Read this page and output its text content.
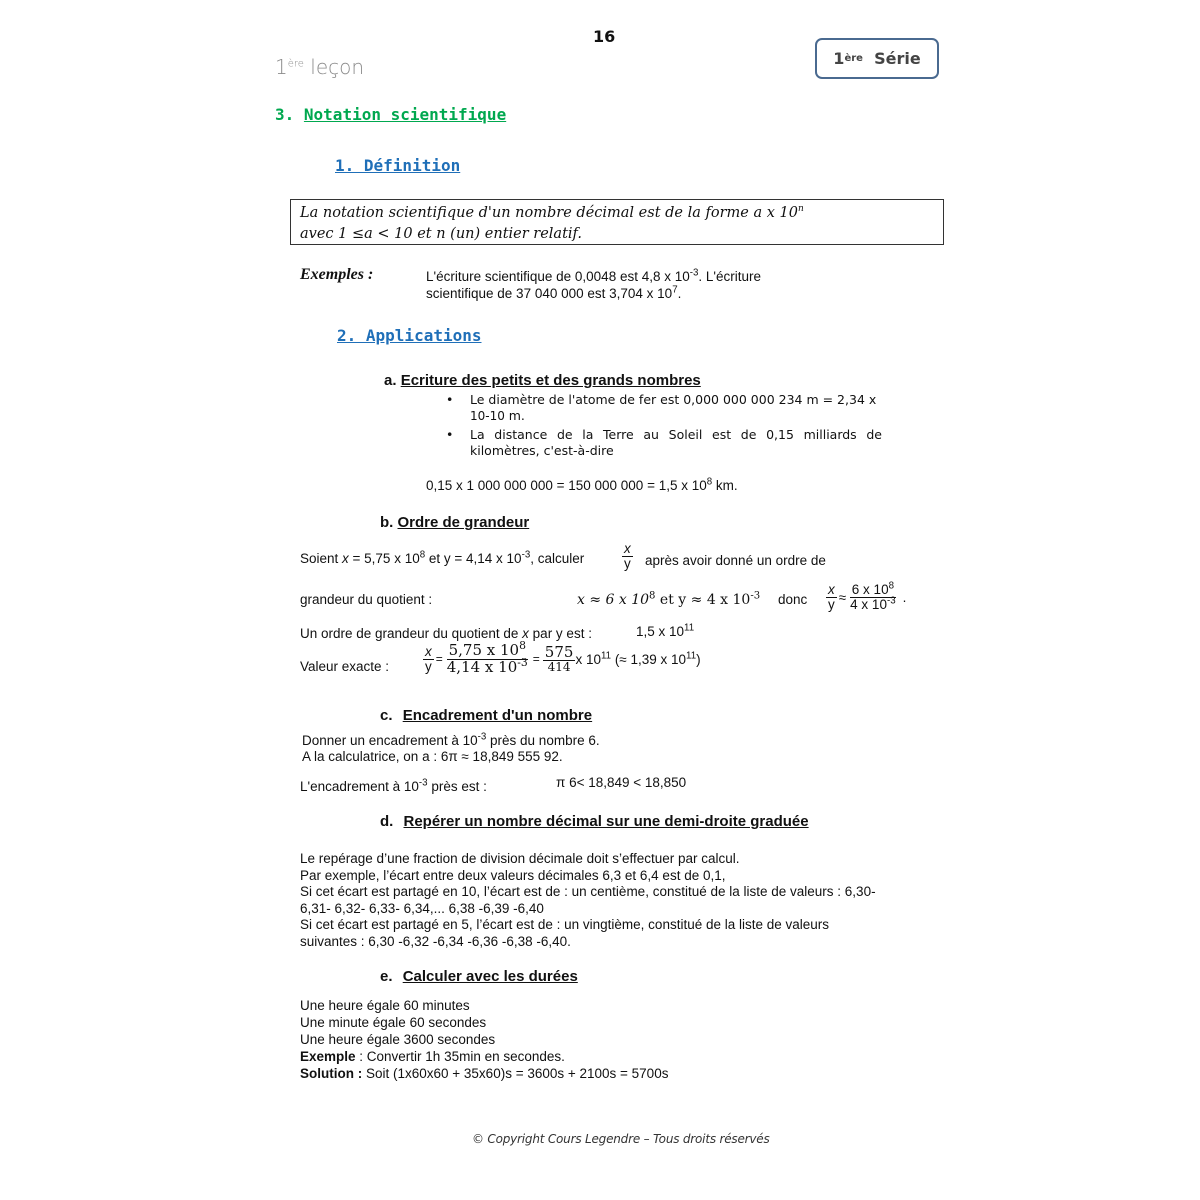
16
1ère leçon	1 ère Série
3. Notation scientifique
1. Définition
La notation scientifique d'un nombre décimal est de la forme a x 10$^n$
avec 1 ≤a < 10 et n (un) entier relatif.
Exemples :	L'écriture scientifique de 0,0048 est 4,8 x $10^{-3}$. L'écriture
scientifique de 37 040 000 est 3,704 x $10^7$.
2. Applications
a. Ecriture des petits et des grands nombres
• Le diamètre de l'atome de fer est 0,000 000 000 234 m = 2,34 x
10-10 m.
• La distance de la Terre au Soleil est de 0,15 milliards de kilomètres, c'est-à-dire
0,15 x 1 000 000 000 = 150 000 000 = 1,5 x $10^8$ km.
b. Ordre de grandeur
Soient x = 5,75 x $10^8$ et y = 4,14 x $10^{-3}$, calculer	$\frac{x}{y}$ après avoir donné un ordre de
grandeur du quotient :	x ≈ 6 x $10^8$ et y ≈ 4 x $10^{-3}$ donc $\frac{x}{y} \approx \frac{6 x 10^8}{4 x 10^{-3}}$ .
Un ordre de grandeur du quotient de x par y est :	1,5 x $10^{11}$
Valeur exacte :	$\frac{x}{y} = \frac{5,75 x 10^8}{4,14 x 10^{-3}} = \frac{575}{414}$ x $10^{11}$ (≈ 1,39 x $10^{11}$)
c. Encadrement d'un nombre
Donner un encadrement à $10^{-3}$ près du nombre 6.
A la calculatrice, on a : 6π ≈ 18,849 555 92.
L'encadrement à $10^{-3}$ près est :	π 6< 18,849 < 18,850
d. Repérer un nombre décimal sur une demi-droite graduée
Le repérage d’une fraction de division décimale doit s’effectuer par calcul.
Par exemple, l’écart entre deux valeurs décimales 6,3 et 6,4 est de 0,1,
Si cet écart est partagé en 10, l’écart est de : un centième, constitué de la liste de valeurs : 6,30-
6,31- 6,32- 6,33- 6,34,... 6,38 -6,39 -6,40
Si cet écart est partagé en 5, l’écart est de : un vingtième, constitué de la liste de valeurs
suivantes : 6,30 -6,32 -6,34 -6,36 -6,38 -6,40.
e. Calculer avec les durées
Une heure égale 60 minutes
Une minute égale 60 secondes
Une heure égale 3600 secondes
Exemple : Convertir 1h 35min en secondes.
Solution : Soit (1x60x60 + 35x60)s = 3600s + 2100s = 5700s
© Copyright Cours Legendre – Tous droits réservés
